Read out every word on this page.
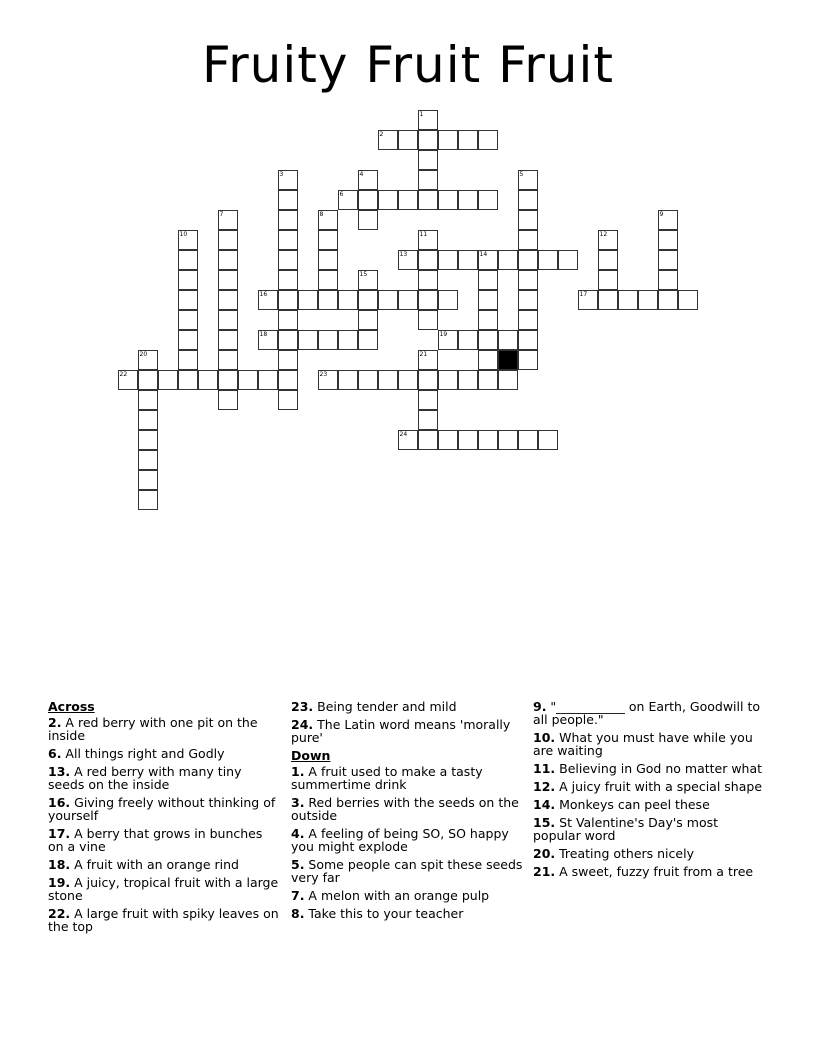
Fruity Fruit Fruit
1
2
3	4	5
6
7	8	9
10	11	12
13	14
15
16	17
18	19
20	21
22	23
24
Across
2. A red berry with one pit on the inside
6. All things right and Godly
13. A red berry with many tiny seeds on the inside
16. Giving freely without thinking of yourself
17. A berry that grows in bunches on a vine
18. A fruit with an orange rind
19. A juicy, tropical fruit with a large stone
22. A large fruit with spiky leaves on the top
23. Being tender and mild
24. The Latin word means 'morally pure'
Down
1. A fruit used to make a tasty summertime drink
3. Red berries with the seeds on the outside
4. A feeling of being SO, SO happy you might explode
5. Some people can spit these seeds very far
7. A melon with an orange pulp
8. Take this to your teacher
9. "___________ on Earth, Goodwill to all people."
10. What you must have while you are waiting
11. Believing in God no matter what
12. A juicy fruit with a special shape
14. Monkeys can peel these
15. St Valentine's Day's most popular word
20. Treating others nicely
21. A sweet, fuzzy fruit from a tree
